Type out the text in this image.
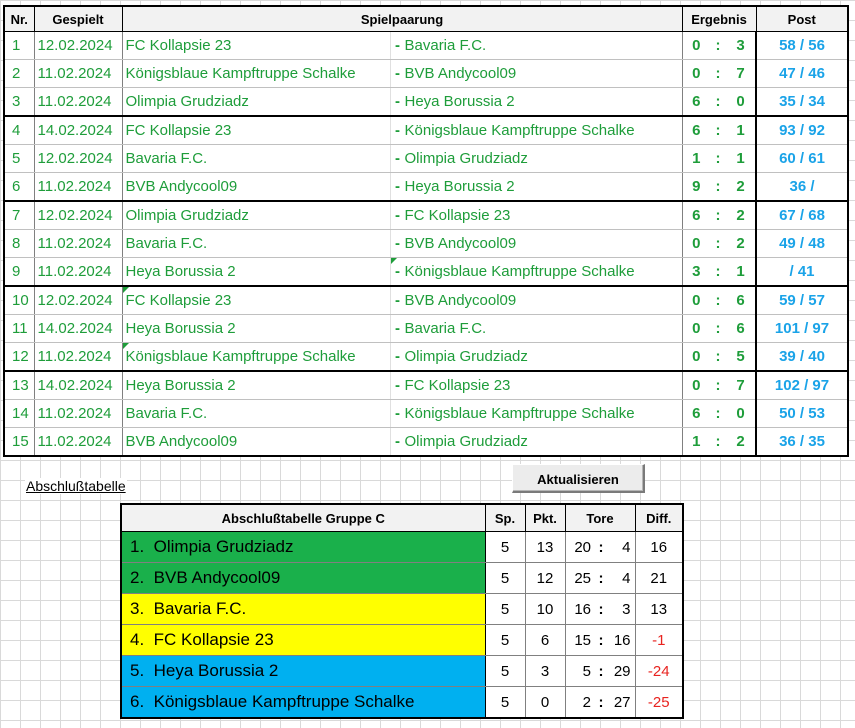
Nr.	Gespielt	Spielpaarung		Ergebnis			Post
1	12.02.2024	FC Kollapsie 23	- Bavaria F.C.	0	:	3	58 / 56
2	11.02.2024	Königsblaue Kampftruppe Schalke	- BVB Andycool09	0	:	7	47 / 46
3	11.02.2024	Olimpia Grudziadz	- Heya Borussia 2	6	:	0	35 / 34
4	14.02.2024	FC Kollapsie 23	- Königsblaue Kampftruppe Schalke	6	:	1	93 / 92
5	12.02.2024	Bavaria F.C.	- Olimpia Grudziadz	1	:	1	60 / 61
6	11.02.2024	BVB Andycool09	- Heya Borussia 2	9	:	2	36 /
7	12.02.2024	Olimpia Grudziadz	- FC Kollapsie 23	6	:	2	67 / 68
8	11.02.2024	Bavaria F.C.	- BVB Andycool09	0	:	2	49 / 48
9	11.02.2024	Heya Borussia 2	- Königsblaue Kampftruppe Schalke	3	:	1	/ 41
10	12.02.2024	FC Kollapsie 23	- BVB Andycool09	0	:	6	59 / 57
11	14.02.2024	Heya Borussia 2	- Bavaria F.C.	0	:	6	101 / 97
12	11.02.2024	Königsblaue Kampftruppe Schalke	- Olimpia Grudziadz	0	:	5	39 / 40
13	14.02.2024	Heya Borussia 2	- FC Kollapsie 23	0	:	7	102 / 97
14	11.02.2024	Bavaria F.C.	- Königsblaue Kampftruppe Schalke	6	:	0	50 / 53
15	11.02.2024	BVB Andycool09	- Olimpia Grudziadz	1	:	2	36 / 35
Abschlußtabelle	Aktualisieren
Abschlußtabelle Gruppe C	Sp.	Pkt.	Tore			Diff.
1. Olimpia Grudziadz	5	13	20	:	4	16
2. BVB Andycool09	5	12	25	:	4	21
3. Bavaria F.C.	5	10	16	:	3	13
4. FC Kollapsie 23	5	6	15	:	16	-1
5. Heya Borussia 2	5	3	5	:	29	-24
6. Königsblaue Kampftruppe Schalke	5	0	2	:	27	-25
